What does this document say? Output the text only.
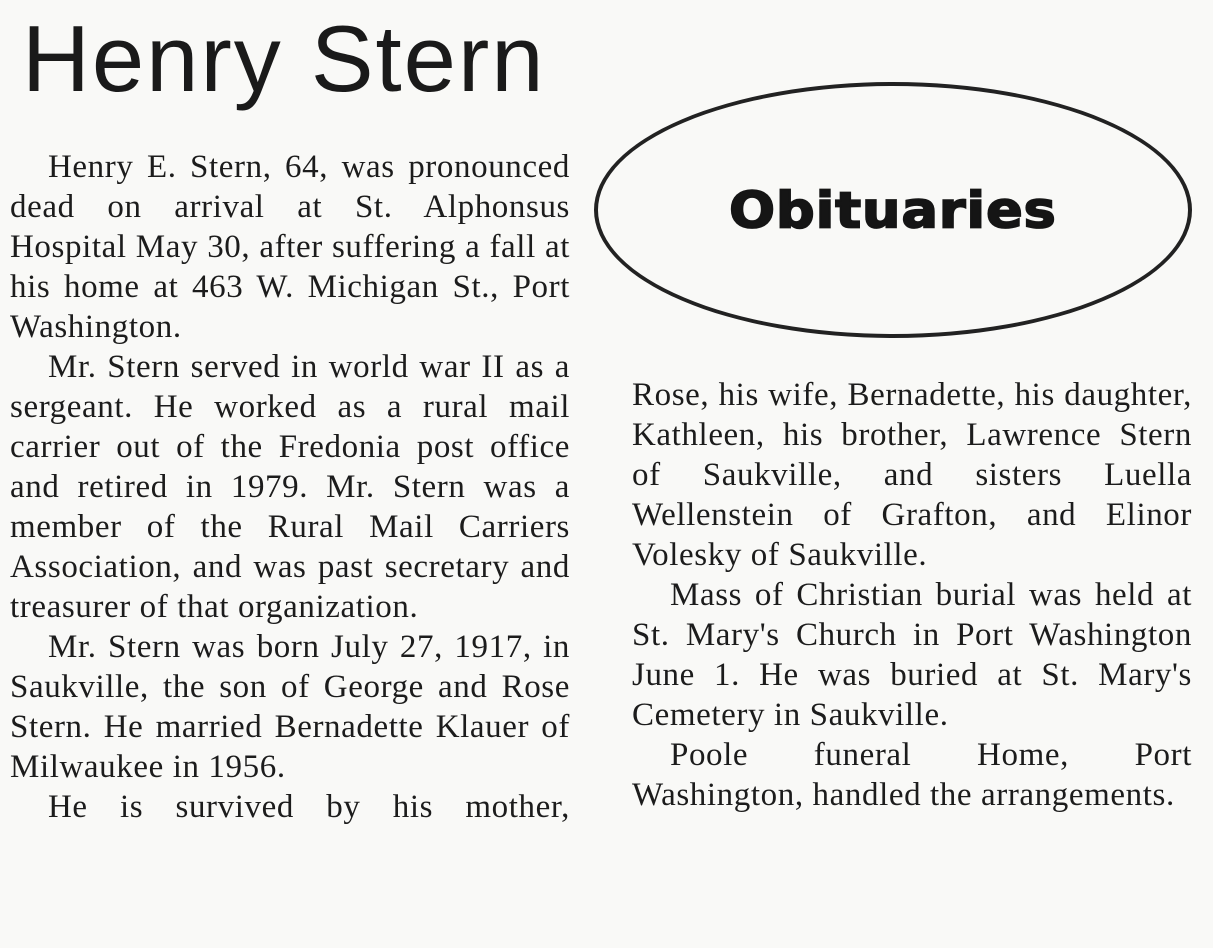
Henry Stern
Obituaries

Henry E. Stern, 64, was pronounced dead on arrival at St. Alphonsus Hospital May 30, after suffering a fall at his home at 463 W. Michigan St., Port Washington.

Mr. Stern served in world war II as a sergeant. He worked as a rural mail carrier out of the Fredonia post office and retired in 1979. Mr. Stern was a member of the Rural Mail Carriers Association, and was past secretary and treasurer of that organization.

Mr. Stern was born July 27, 1917, in Saukville, the son of George and Rose Stern. He married Bernadette Klauer of Milwaukee in 1956.

He is survived by his mother,

Rose, his wife, Bernadette, his daughter, Kathleen, his brother, Lawrence Stern of Saukville, and sisters Luella Wellenstein of Grafton, and Elinor Volesky of Saukville.

Mass of Christian burial was held at St. Mary's Church in Port Washington June 1. He was buried at St. Mary's Cemetery in Saukville.

Poole funeral Home, Port Washington, handled the arrangements.
